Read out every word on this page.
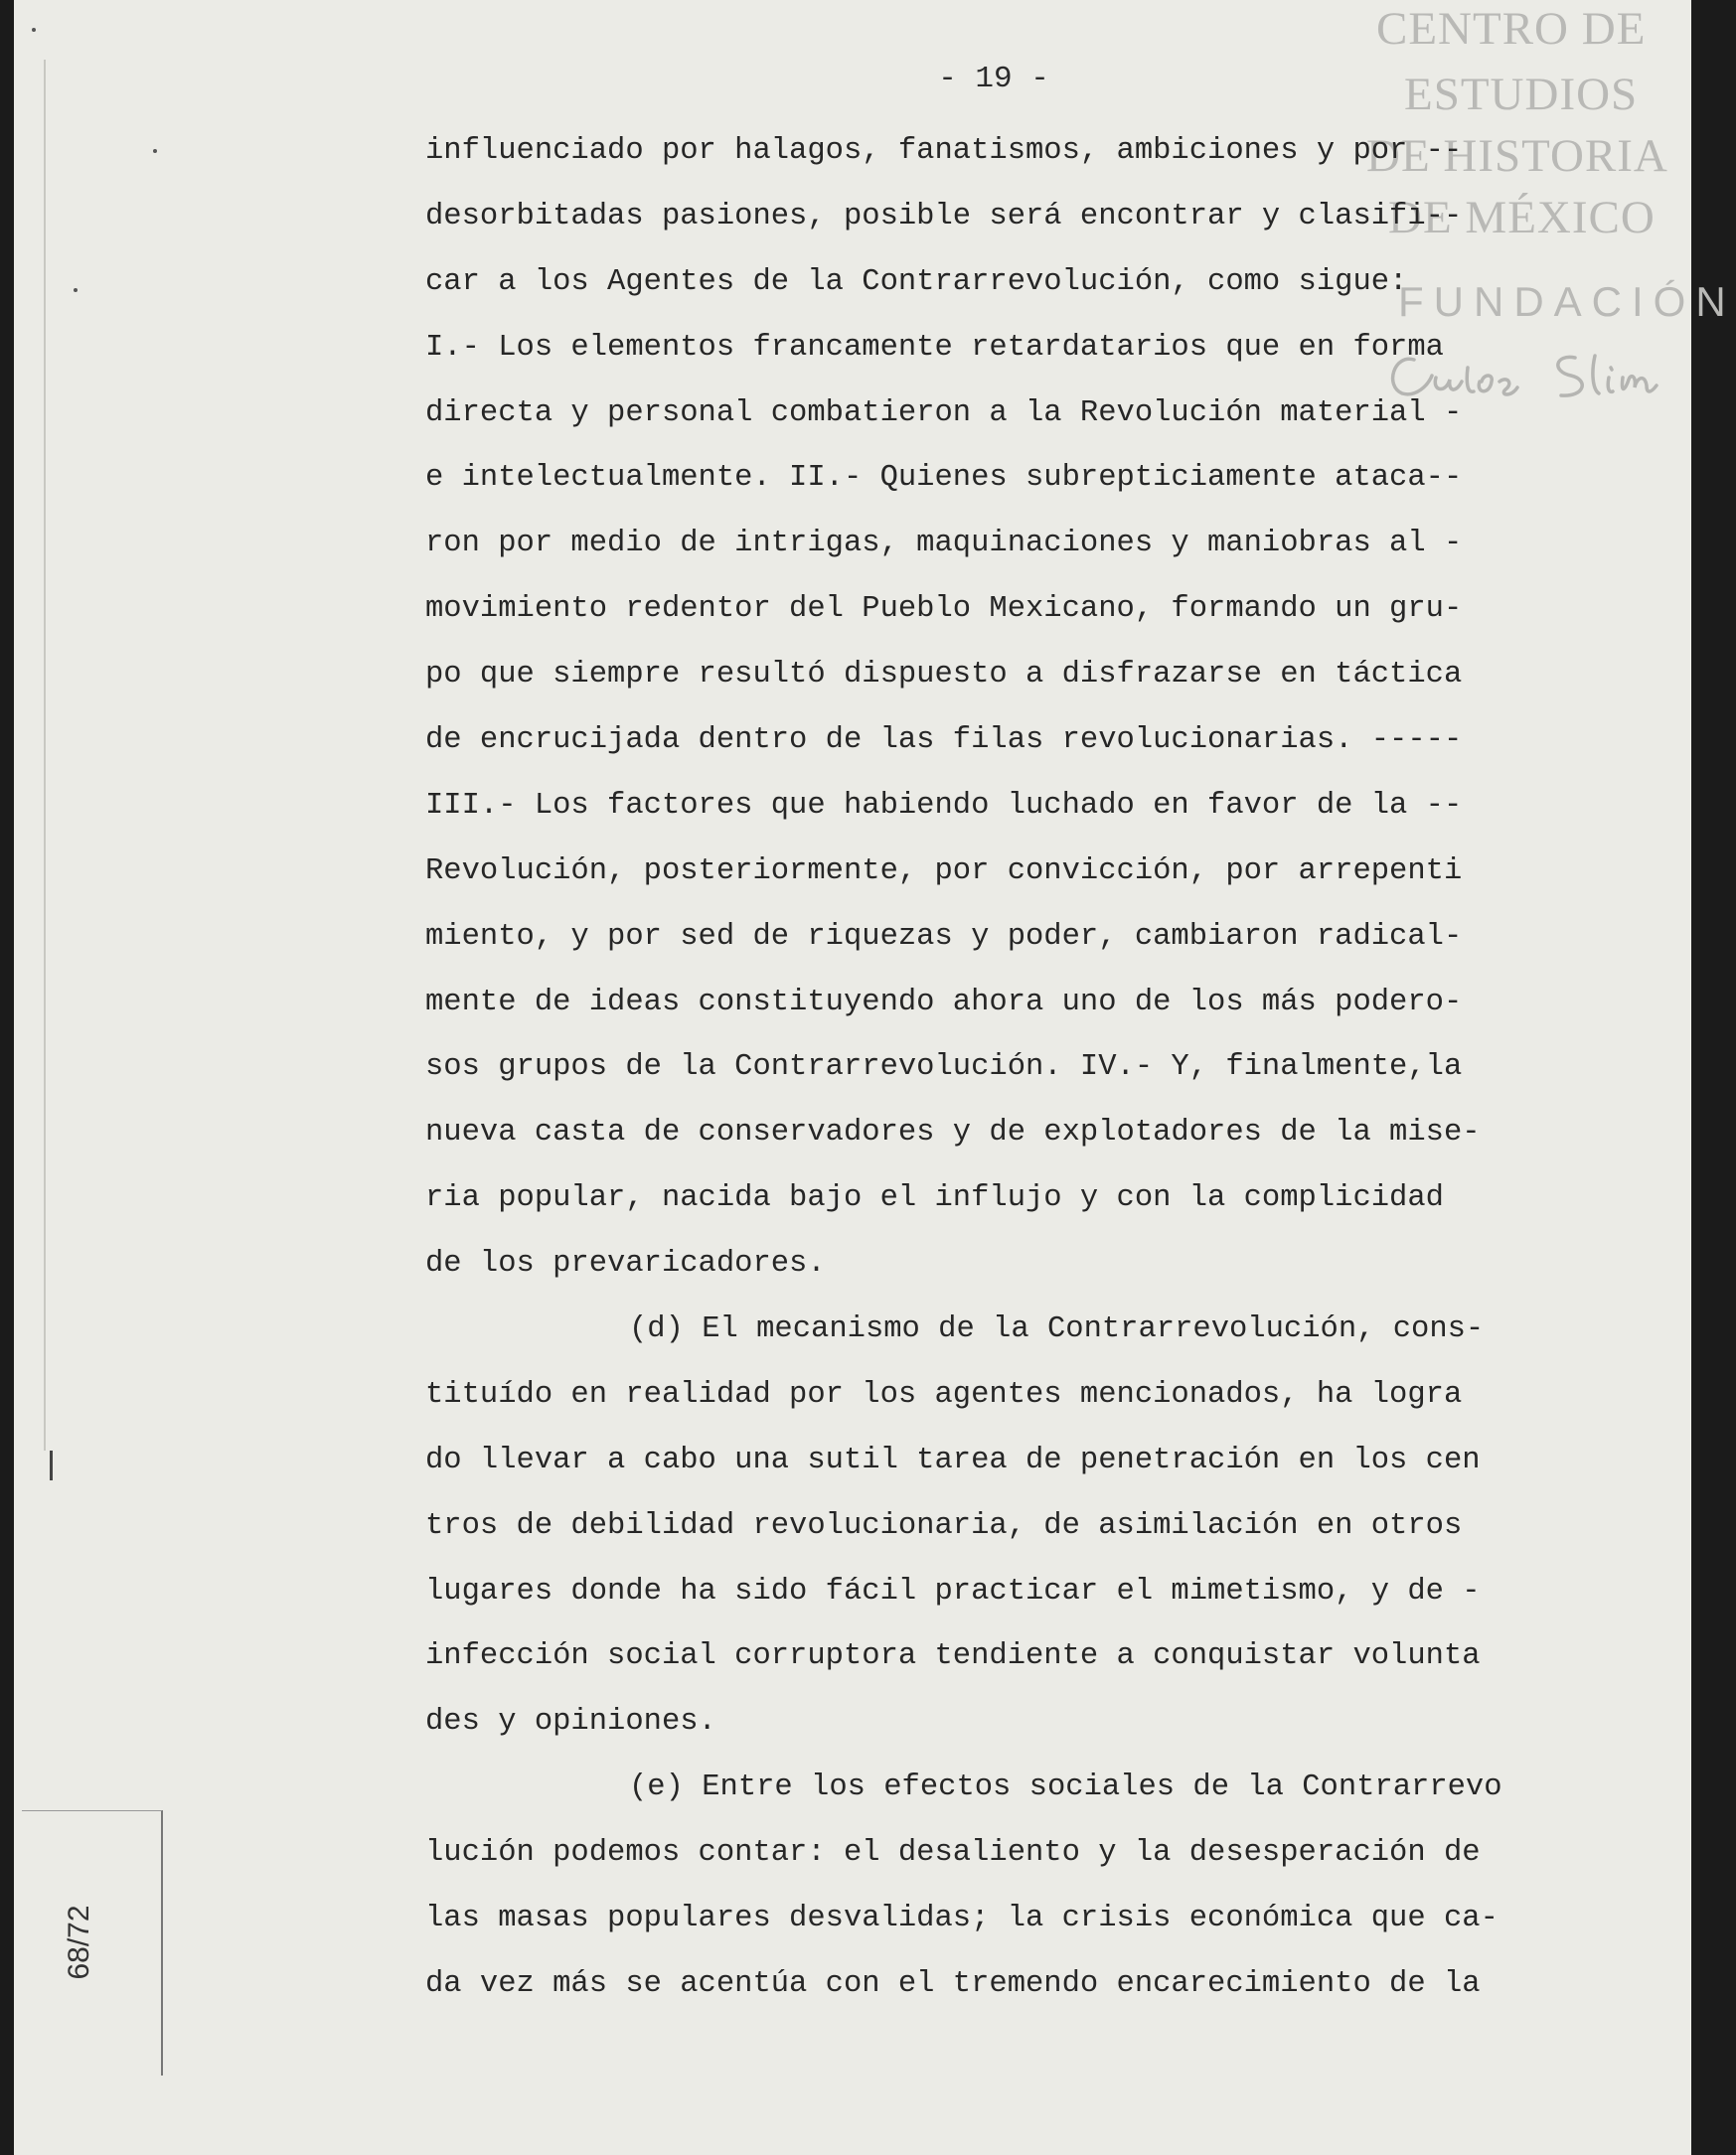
- 19 -
CENTRO DE
ESTUDIOS
DE HISTORIA
DE MÉXICO
FUNDACIÓN
influenciado por halagos, fanatismos, ambiciones y por --
desorbitadas pasiones, posible será encontrar y clasifi--
car a los Agentes de la Contrarrevolución, como sigue:
I.- Los elementos francamente retardatarios que en forma
directa y personal combatieron a la Revolución material -
e intelectualmente. II.- Quienes subrepticiamente ataca--
ron por medio de intrigas, maquinaciones y maniobras al -
movimiento redentor del Pueblo Mexicano, formando un gru-
po que siempre resultó dispuesto a disfrazarse en táctica
de encrucijada dentro de las filas revolucionarias. -----
III.- Los factores que habiendo luchado en favor de la --
Revolución, posteriormente, por convicción, por arrepenti
miento, y por sed de riquezas y poder, cambiaron radical-
mente de ideas constituyendo ahora uno de los más podero-
sos grupos de la Contrarrevolución. IV.- Y, finalmente,la
nueva casta de conservadores y de explotadores de la mise-
ria popular, nacida bajo el influjo y con la complicidad
de los prevaricadores.
(d) El mecanismo de la Contrarrevolución, cons-
tituído en realidad por los agentes mencionados, ha logra
do llevar a cabo una sutil tarea de penetración en los cen
tros de debilidad revolucionaria, de asimilación en otros
lugares donde ha sido fácil practicar el mimetismo, y de -
infección social corruptora tendiente a conquistar volunta
des y opiniones.
(e) Entre los efectos sociales de la Contrarrevo
lución podemos contar: el desaliento y la desesperación de
las masas populares desvalidas; la crisis económica que ca-
da vez más se acentúa con el tremendo encarecimiento de la
68/72
